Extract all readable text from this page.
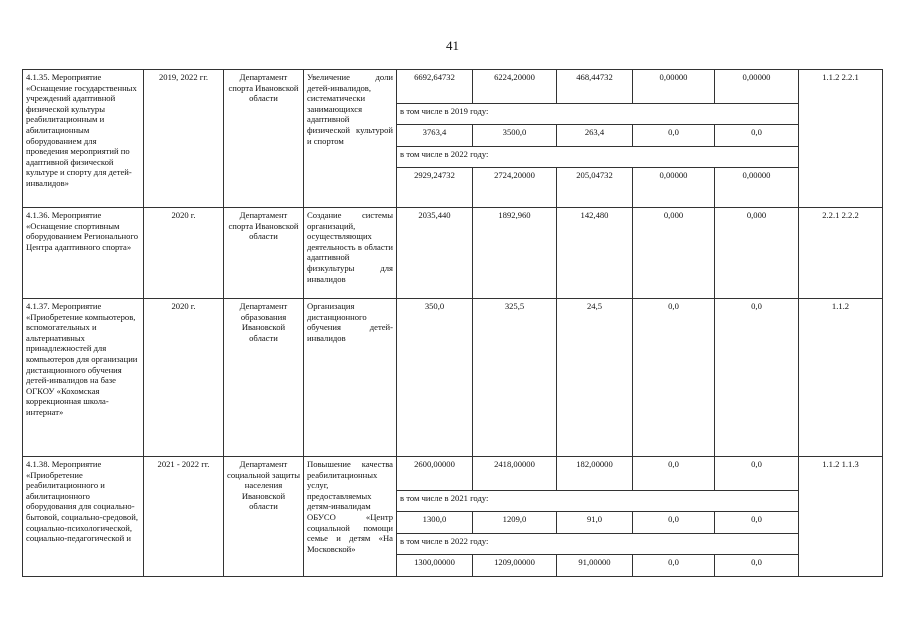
41
4.1.35. Мероприятие «Оснащение государственных учреждений адаптивной физической культуры реабилитационным и абилитационным оборудованием для проведения мероприятий по адаптивной физической культуре и спорту для детей-инвалидов»	2019, 2022 гг.	Департамент спорта Ивановской области	Увеличение доли детей-инвалидов, систематически занимающихся адаптивной физической культурой и спортом	6692,64732	6224,20000	468,44732	0,00000	0,00000	1.1.2 2.2.1
				в том числе в 2019 году:					
				3763,4	3500,0	263,4	0,0	0,0	
				в том числе в 2022 году:					
				2929,24732	2724,20000	205,04732	0,00000	0,00000	
4.1.36. Мероприятие «Оснащение спортивным оборудованием Регионального Центра адаптивного спорта»	2020 г.	Департамент спорта Ивановской области	Создание системы организаций, осуществляющих деятельность в области адаптивной физкультуры для инвалидов	2035,440	1892,960	142,480	0,000	0,000	2.2.1 2.2.2
4.1.37. Мероприятие «Приобретение компьютеров, вспомогательных и альтернативных принадлежностей для компьютеров для организации дистанционного обучения детей-инвалидов на базе ОГКОУ «Кохомская коррекционная школа-интернат»	2020 г.	Департамент образования Ивановской области	Организация дистанционного обучения детей-инвалидов	350,0	325,5	24,5	0,0	0,0	1.1.2
4.1.38. Мероприятие «Приобретение реабилитационного и абилитационного оборудования для социально-бытовой, социально-средовой, социально-психологической, социально-педагогической и	2021 - 2022 гг.	Департамент социальной защиты населения Ивановской области	Повышение качества реабилитационных услуг, предоставляемых детям-инвалидам ОБУСО «Центр социальной помощи семье и детям «На Московской»	2600,00000	2418,00000	182,00000	0,0	0,0	1.1.2 1.1.3
				в том числе в 2021 году:					
				1300,0	1209,0	91,0	0,0	0,0	
				в том числе в 2022 году:					
				1300,00000	1209,00000	91,00000	0,0	0,0	
